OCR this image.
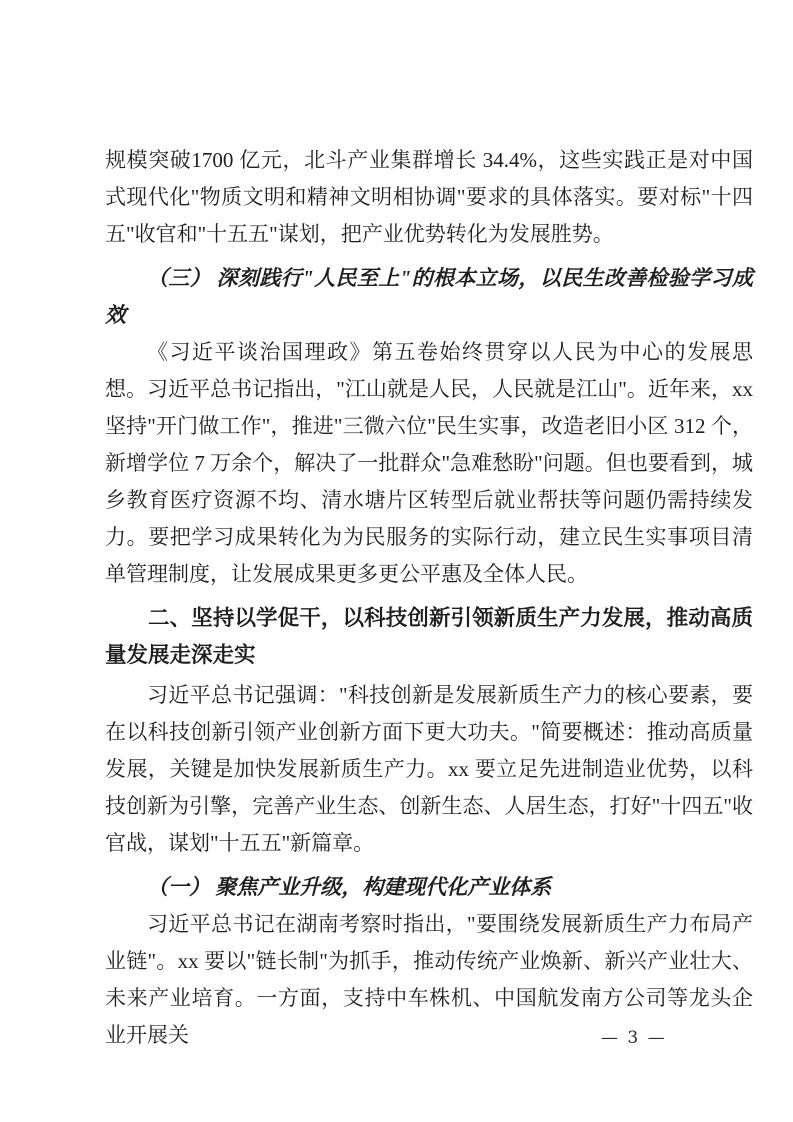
规模突破1700 亿元，北斗产业集群增长 34.4%，这些实践正是对中国式现代化"物质文明和精神文明相协调"要求的具体落实。要对标"十四五"收官和"十五五"谋划，把产业优势转化为发展胜势。

（三） 深刻践行"人民至上"的根本立场，以民生改善检验学习成效

《习近平谈治国理政》第五卷始终贯穿以人民为中心的发展思想。习近平总书记指出，"江山就是人民，人民就是江山"。近年来，xx 坚持"开门做工作"，推进"三微六位"民生实事，改造老旧小区 312 个，新增学位 7 万余个，解决了一批群众"急难愁盼"问题。但也要看到，城乡教育医疗资源不均、清水塘片区转型后就业帮扶等问题仍需持续发力。要把学习成果转化为为民服务的实际行动，建立民生实事项目清单管理制度，让发展成果更多更公平惠及全体人民。

二、坚持以学促干，以科技创新引领新质生产力发展，推动高质量发展走深走实

习近平总书记强调："科技创新是发展新质生产力的核心要素，要在以科技创新引领产业创新方面下更大功夫。"简要概述：推动高质量发展，关键是加快发展新质生产力。xx 要立足先进制造业优势，以科技创新为引擎，完善产业生态、创新生态、人居生态，打好"十四五"收官战，谋划"十五五"新篇章。

（一） 聚焦产业升级，构建现代化产业体系

习近平总书记在湖南考察时指出，"要围绕发展新质生产力布局产业链"。xx 要以"链长制"为抓手，推动传统产业焕新、新兴产业壮大、未来产业培育。一方面，支持中车株机、中国航发南方公司等龙头企业开展关	— 3 —
